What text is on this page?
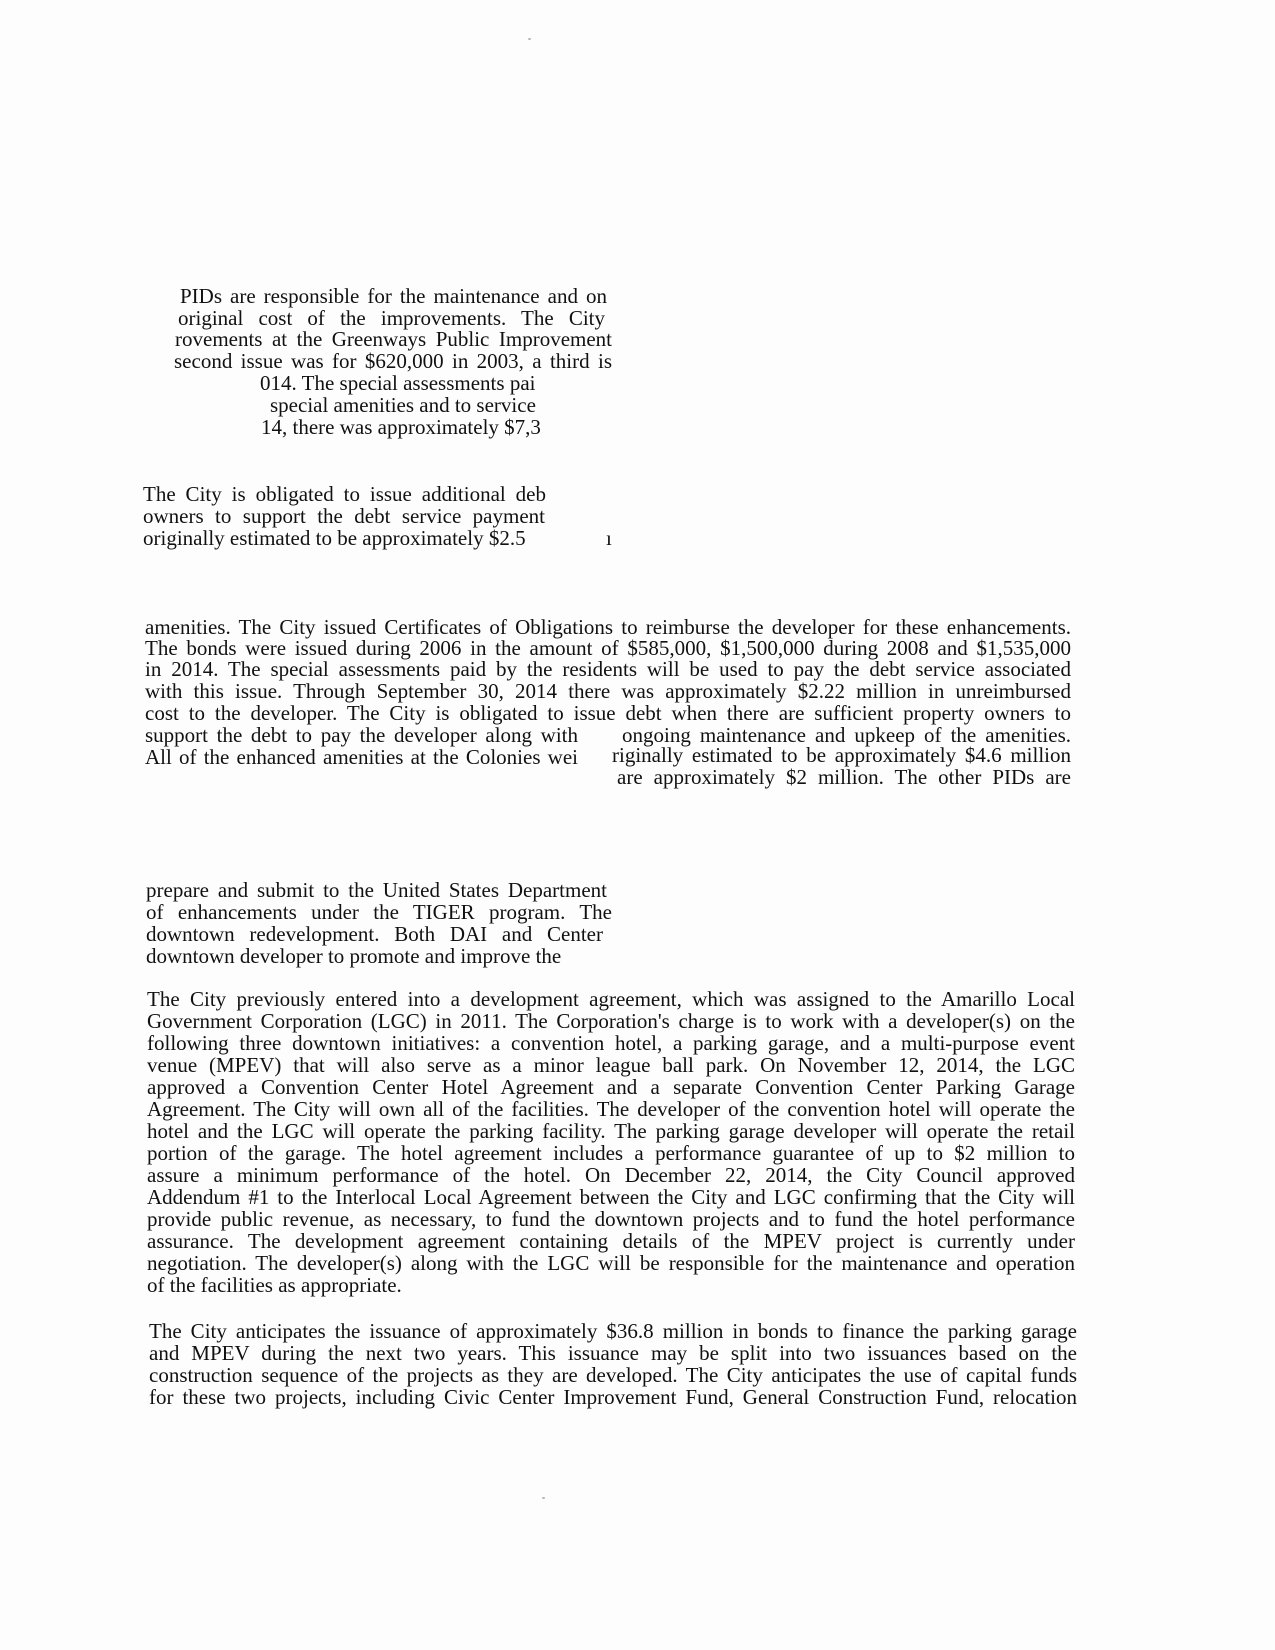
PIDs are responsible for the maintenance and on

original cost of the improvements. The City

rovements at the Greenways Public Improvement

second issue was for $620,000 in 2003, a third is

014. The special assessments pai

special amenities and to service

14, there was approximately $7,3

The City is obligated to issue additional deb

owners to support the debt service payment

originally estimated to be approximately $2.5	ı

amenities. The City issued Certificates of Obligations to reimburse the developer for these enhancements.

The bonds were issued during 2006 in the amount of $585,000, $1,500,000 during 2008 and $1,535,000

in 2014. The special assessments paid by the residents will be used to pay the debt service associated

with this issue. Through September 30, 2014 there was approximately $2.22 million in unreimbursed

cost to the developer. The City is obligated to issue debt when there are sufficient property owners to

support the debt to pay the developer along with ongoing maintenance and upkeep of the amenities.

All of the enhanced amenities at the Colonies wei riginally estimated to be approximately $4.6 million

are approximately $2 million. The other PIDs are

prepare and submit to the United States Department

of enhancements under the TIGER program. The

downtown redevelopment. Both DAI and Center

downtown developer to promote and improve the

The City previously entered into a development agreement, which was assigned to the Amarillo Local

Government Corporation (LGC) in 2011. The Corporation's charge is to work with a developer(s) on the

following three downtown initiatives: a convention hotel, a parking garage, and a multi-purpose event

venue (MPEV) that will also serve as a minor league ball park. On November 12, 2014, the LGC

approved a Convention Center Hotel Agreement and a separate Convention Center Parking Garage

Agreement. The City will own all of the facilities. The developer of the convention hotel will operate the

hotel and the LGC will operate the parking facility. The parking garage developer will operate the retail

portion of the garage. The hotel agreement includes a performance guarantee of up to $2 million to

assure a minimum performance of the hotel. On December 22, 2014, the City Council approved

Addendum #1 to the Interlocal Local Agreement between the City and LGC confirming that the City will

provide public revenue, as necessary, to fund the downtown projects and to fund the hotel performance

assurance. The development agreement containing details of the MPEV project is currently under

negotiation. The developer(s) along with the LGC will be responsible for the maintenance and operation

of the facilities as appropriate.

The City anticipates the issuance of approximately $36.8 million in bonds to finance the parking garage

and MPEV during the next two years. This issuance may be split into two issuances based on the

construction sequence of the projects as they are developed. The City anticipates the use of capital funds

for these two projects, including Civic Center Improvement Fund, General Construction Fund, relocation
